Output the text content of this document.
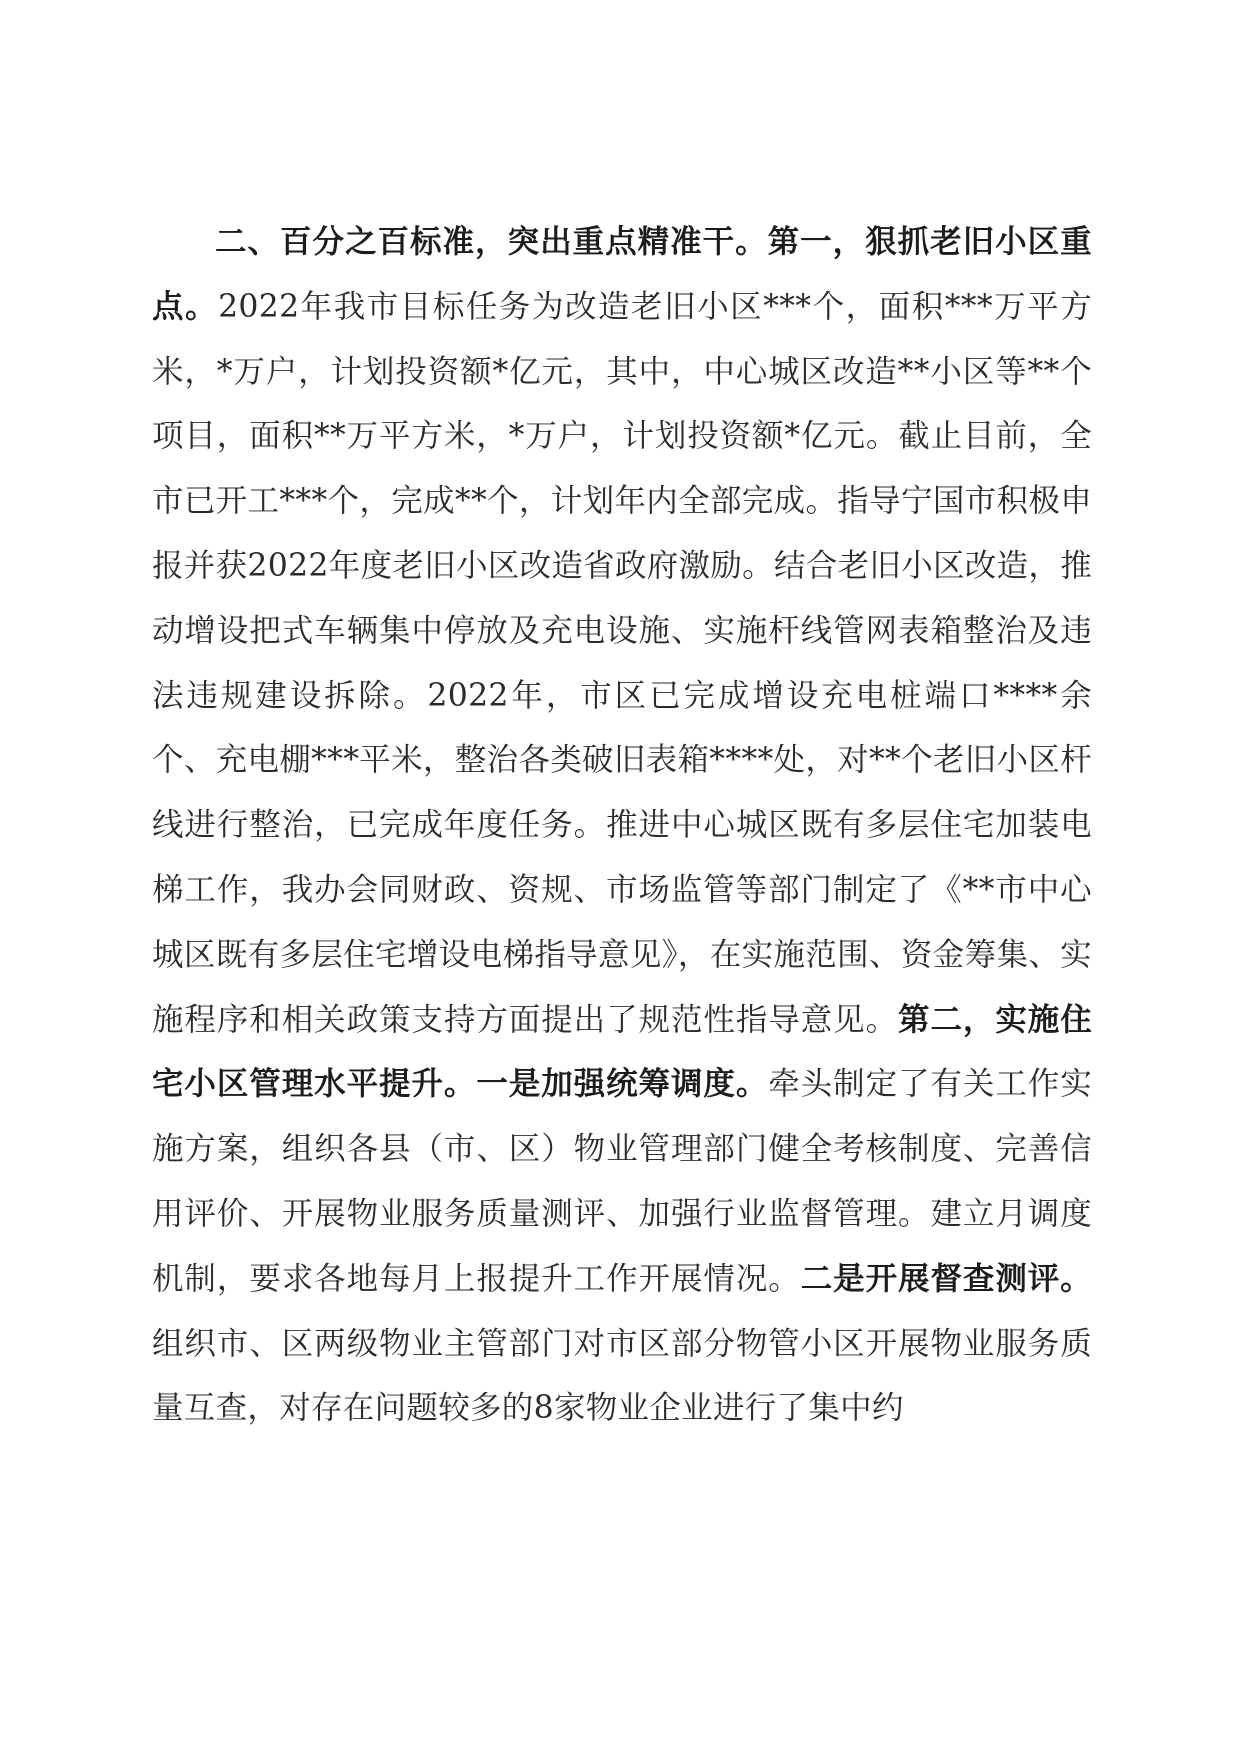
二、百分之百标准，突出重点精准干。第一，狠抓老旧小区重点。2022年我市目标任务为改造老旧小区***个，面积***万平方米，*万户，计划投资额*亿元，其中，中心城区改造**小区等**个项目，面积**万平方米，*万户，计划投资额*亿元。截止目前，全市已开工***个，完成**个，计划年内全部完成。指导宁国市积极申报并获2022年度老旧小区改造省政府激励。结合老旧小区改造，推动增设把式车辆集中停放及充电设施、实施杆线管网表箱整治及违法违规建设拆除。2022年，市区已完成增设充电桩端口****余个、充电棚***平米，整治各类破旧表箱****处，对**个老旧小区杆线进行整治，已完成年度任务。推进中心城区既有多层住宅加装电梯工作，我办会同财政、资规、市场监管等部门制定了《**市中心城区既有多层住宅增设电梯指导意见》，在实施范围、资金筹集、实施程序和相关政策支持方面提出了规范性指导意见。第二，实施住宅小区管理水平提升。一是加强统筹调度。牵头制定了有关工作实施方案，组织各县（市、区）物业管理部门健全考核制度、完善信用评价、开展物业服务质量测评、加强行业监督管理。建立月调度机制，要求各地每月上报提升工作开展情况。二是开展督查测评。组织市、区两级物业主管部门对市区部分物管小区开展物业服务质量互查，对存在问题较多的8家物业企业进行了集中约
